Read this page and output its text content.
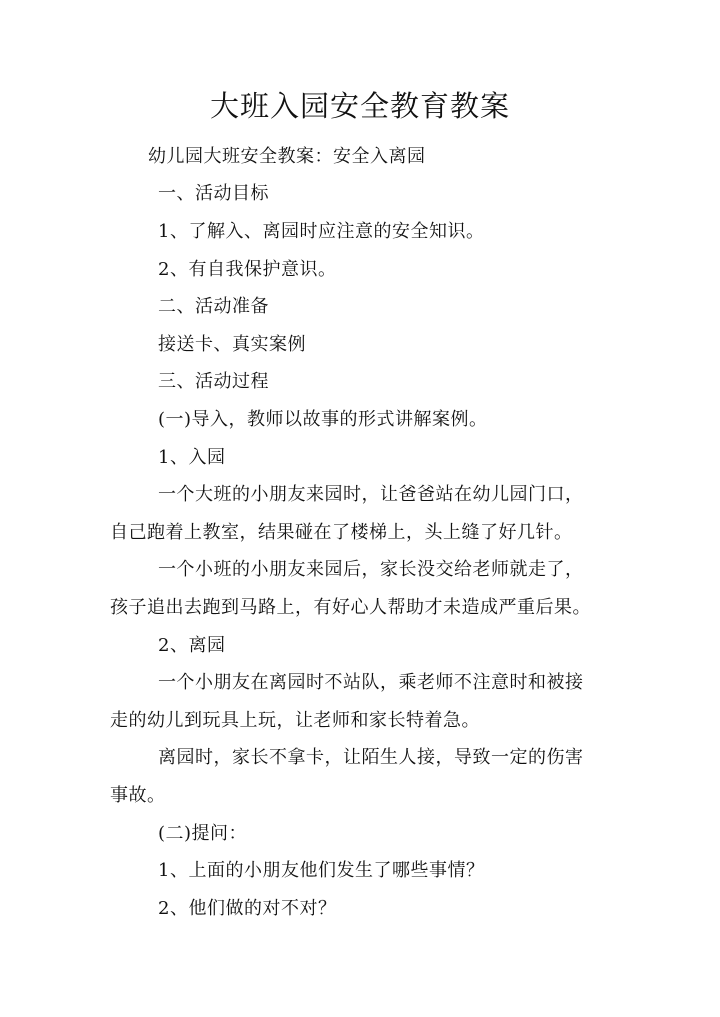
大班入园安全教育教案
幼儿园大班安全教案：安全入离园
一、活动目标
1、了解入、离园时应注意的安全知识。
2、有自我保护意识。
二、活动准备
接送卡、真实案例
三、活动过程
(一)导入，教师以故事的形式讲解案例。
1、入园
一个大班的小朋友来园时，让爸爸站在幼儿园门口，
自己跑着上教室，结果碰在了楼梯上，头上缝了好几针。
一个小班的小朋友来园后，家长没交给老师就走了，
孩子追出去跑到马路上，有好心人帮助才未造成严重后果。
2、离园
一个小朋友在离园时不站队，乘老师不注意时和被接
走的幼儿到玩具上玩，让老师和家长特着急。
离园时，家长不拿卡，让陌生人接，导致一定的伤害
事故。
(二)提问：
1、上面的小朋友他们发生了哪些事情？
2、他们做的对不对？
